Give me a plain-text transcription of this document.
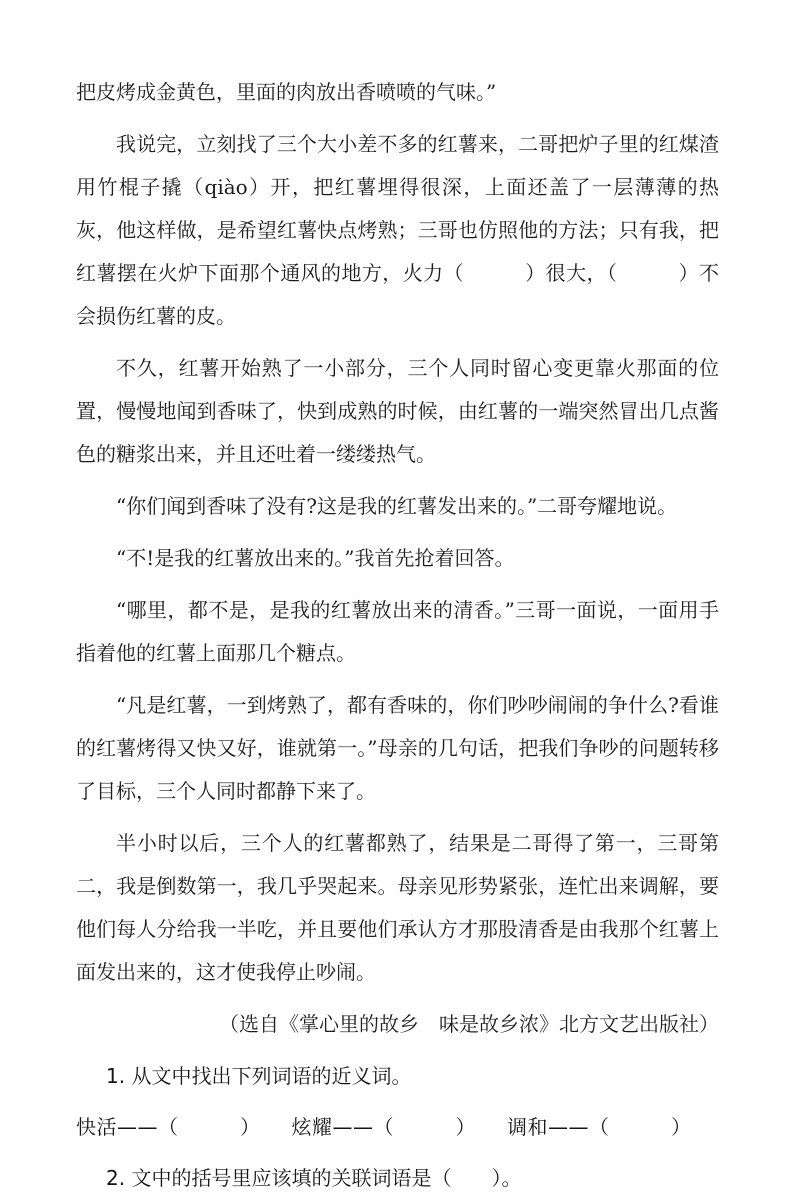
把皮烤成金黄色，里面的肉放出香喷喷的气味。”

我说完，立刻找了三个大小差不多的红薯来，二哥把炉子里的红煤渣用竹棍子撬（qiào）开，把红薯埋得很深，上面还盖了一层薄薄的热灰，他这样做，是希望红薯快点烤熟；三哥也仿照他的方法；只有我，把红薯摆在火炉下面那个通风的地方，火力（　　　）很大，（　　　）不会损伤红薯的皮。

不久，红薯开始熟了一小部分，三个人同时留心变更靠火那面的位置，慢慢地闻到香味了，快到成熟的时候，由红薯的一端突然冒出几点酱色的糖浆出来，并且还吐着一缕缕热气。

“你们闻到香味了没有?这是我的红薯发出来的。”二哥夸耀地说。

“不!是我的红薯放出来的。”我首先抢着回答。

“哪里，都不是，是我的红薯放出来的清香。”三哥一面说，一面用手指着他的红薯上面那几个糖点。

“凡是红薯，一到烤熟了，都有香味的，你们吵吵闹闹的争什么?看谁的红薯烤得又快又好，谁就第一。”母亲的几句话，把我们争吵的问题转移了目标，三个人同时都静下来了。

半小时以后，三个人的红薯都熟了，结果是二哥得了第一，三哥第二，我是倒数第一，我几乎哭起来。母亲见形势紧张，连忙出来调解，要他们每人分给我一半吃，并且要他们承认方才那股清香是由我那个红薯上面发出来的，这才使我停止吵闹。

（选自《掌心里的故乡　味是故乡浓》北方文艺出版社）
1. 从文中找出下列词语的近义词。
快活——（　　　）　　炫耀——（　　　）　　调和——（　　　）
2. 文中的括号里应该填的关联词语是（　　）。
